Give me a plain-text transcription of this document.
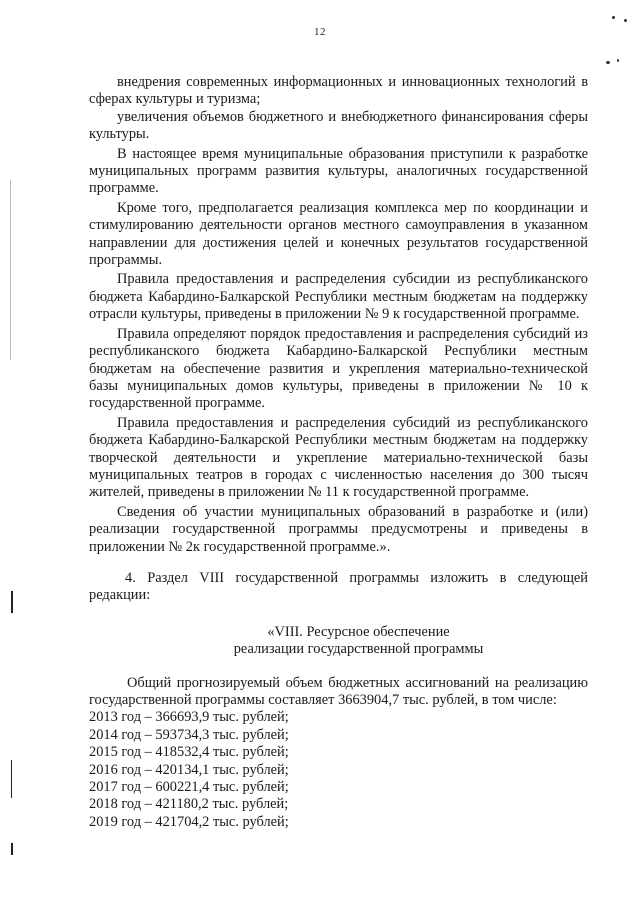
12

внедрения современных информационных и инновационных технологий в сферах культуры и туризма;

увеличения объемов бюджетного и внебюджетного финансирования сферы культуры.

В настоящее время муниципальные образования приступили к разработке муниципальных программ развития культуры, аналогичных государственной программе.

Кроме того, предполагается реализация комплекса мер по координации и стимулированию деятельности органов местного самоуправления в указанном направлении для достижения целей и конечных результатов государственной программы.

Правила предоставления и распределения субсидии из республиканского бюджета Кабардино-Балкарской Республики местным бюджетам на поддержку отрасли культуры, приведены в приложении № 9 к государственной программе.

Правила определяют порядок предоставления и распределения субсидий из республиканского бюджета Кабардино-Балкарской Республики местным бюджетам на обеспечение развития и укрепления материально-технической базы муниципальных домов культуры, приведены в приложении № 10 к государственной программе.

Правила предоставления и распределения субсидий из республиканского бюджета Кабардино-Балкарской Республики местным бюджетам на поддержку творческой деятельности и укрепление материально-технической базы муниципальных театров в городах с численностью населения до 300 тысяч жителей, приведены в приложении № 11 к государственной программе.

Сведения об участии муниципальных образований в разработке и (или) реализации государственной программы предусмотрены и приведены в приложении № 2к государственной программе.».

4. Раздел VIII государственной программы изложить в следующей редакции:

«VIII. Ресурсное обеспечение
реализации государственной программы

Общий прогнозируемый объем бюджетных ассигнований на реализацию государственной программы составляет 3663904,7 тыс. рублей, в том числе:

2013 год – 366693,9 тыс. рублей;
2014 год – 593734,3 тыс. рублей;
2015 год – 418532,4 тыс. рублей;
2016 год – 420134,1 тыс. рублей;
2017 год – 600221,4 тыс. рублей;
2018 год – 421180,2 тыс. рублей;
2019 год – 421704,2 тыс. рублей;
